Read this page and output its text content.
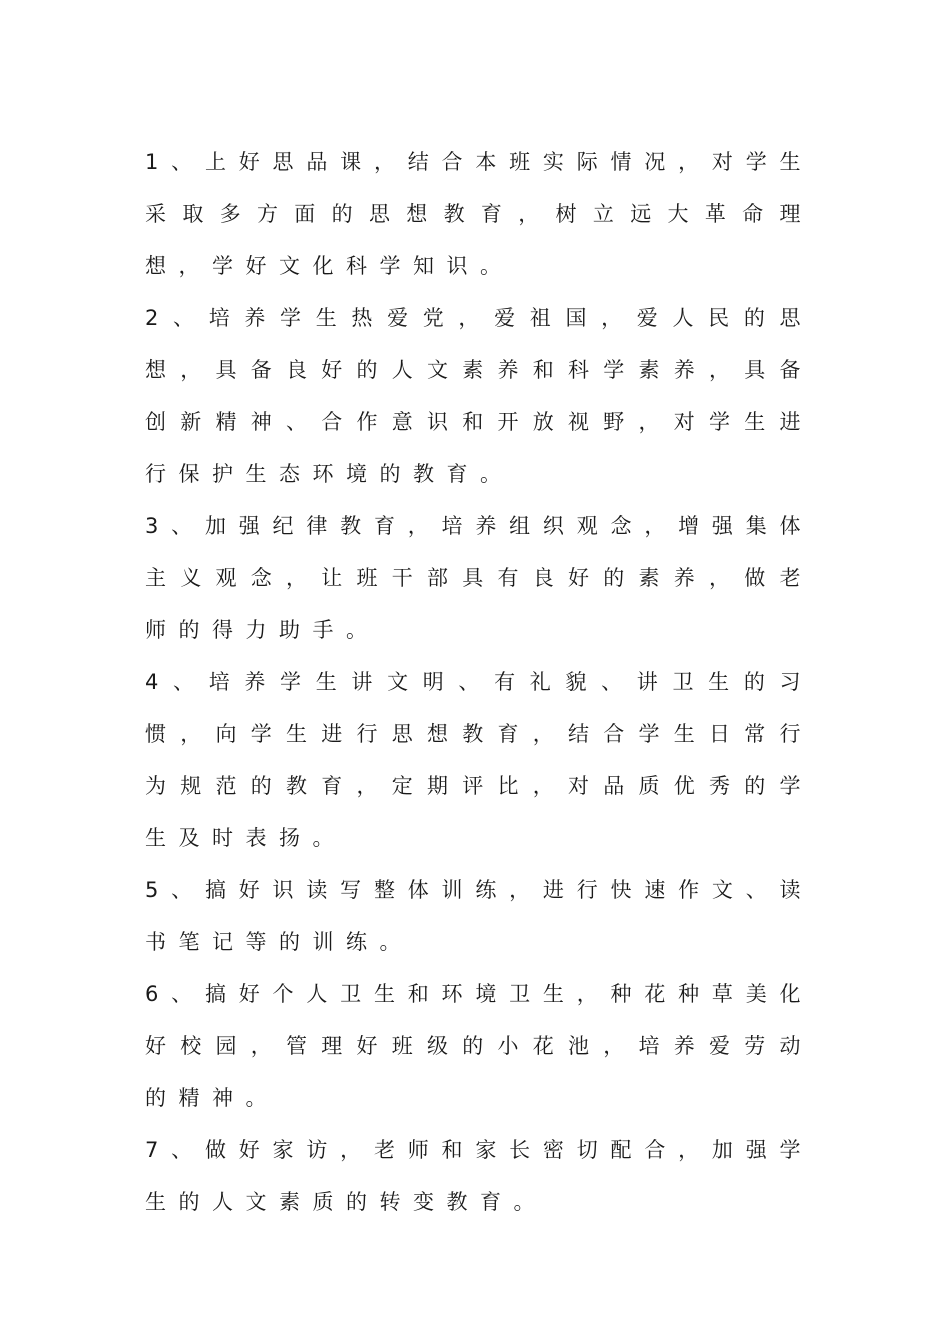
1、上好思品课，结合本班实际情况，对学生采取多方面的思想教育，树立远大革命理想，学好文化科学知识。

2、培养学生热爱党，爱祖国，爱人民的思想，具备良好的人文素养和科学素养，具备创新精神、合作意识和开放视野，对学生进行保护生态环境的教育。

3、加强纪律教育，培养组织观念，增强集体主义观念，让班干部具有良好的素养，做老师的得力助手。

4、培养学生讲文明、有礼貌、讲卫生的习惯，向学生进行思想教育，结合学生日常行为规范的教育，定期评比，对品质优秀的学生及时表扬。

5、搞好识读写整体训练，进行快速作文、读书笔记等的训练。

6、搞好个人卫生和环境卫生，种花种草美化好校园，管理好班级的小花池，培养爱劳动的精神。

7、做好家访，老师和家长密切配合，加强学生的人文素质的转变教育。
